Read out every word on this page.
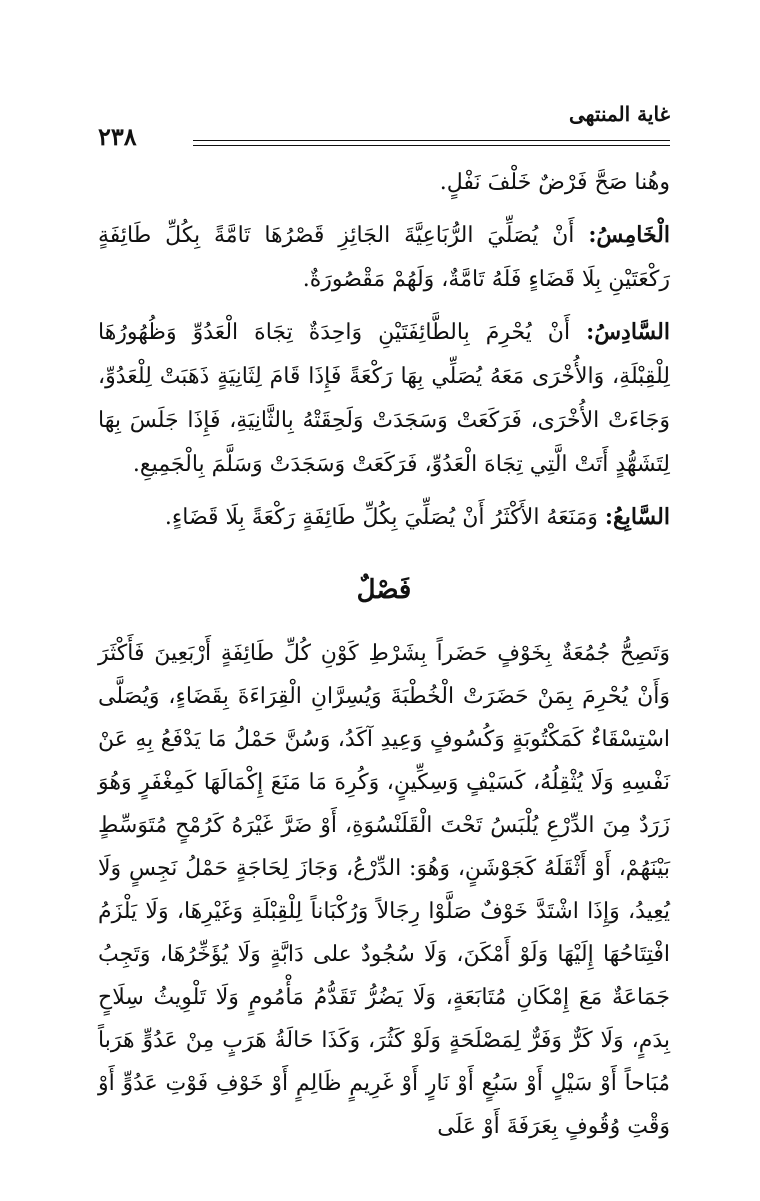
غاية المنتهى
٢٣٨

وهُنا صَحَّ فَرْضٌ خَلْفَ نَفْلٍ.

الْخَامِسُ: أَنْ يُصَلِّيَ الرُّبَاعِيَّةَ الجَائِزِ قَصْرُهَا تَامَّةً بِكُلِّ طَائِفَةٍ رَكْعَتَيْنِ بِلَا قَضَاءٍ فَلَهُ تَامَّةٌ، وَلَهُمْ مَقْصُورَةٌ.

السَّادِسُ: أَنْ يُحْرِمَ بِالطَّائِفَتَيْنِ وَاحِدَةٌ تِجَاهَ الْعَدُوِّ وَظُهُورُهَا لِلْقِبْلَةِ، وَالأُخْرَى مَعَهُ يُصَلِّي بِهَا رَكْعَةً فَإِذَا قَامَ لِثَانِيَةٍ ذَهَبَتْ لِلْعَدُوِّ، وَجَاءَتْ الأُخْرَى، فَرَكَعَتْ وَسَجَدَتْ وَلَحِقَتْهُ بِالثَّانِيَةِ، فَإِذَا جَلَسَ بِهَا لِتَشَهُّدٍ أَتَتْ الَّتِي تِجَاهَ الْعَدُوِّ، فَرَكَعَتْ وَسَجَدَتْ وَسَلَّمَ بِالْجَمِيعِ.

السَّابِعُ: وَمَنَعَهُ الأَكْثَرُ أَنْ يُصَلِّيَ بِكُلِّ طَائِفَةٍ رَكْعَةً بِلَا قَضَاءٍ.

فَصْلٌ

وَتَصِحُّ جُمُعَةٌ بِخَوْفٍ حَضَراً بِشَرْطِ كَوْنِ كُلِّ طَائِفَةٍ أَرْبَعِينَ فَأَكْثَرَ وَأَنْ يُحْرِمَ بِمَنْ حَضَرَتْ الْخُطْبَةَ وَيُسِرَّانِ الْقِرَاءَةَ بِقَضَاءٍ، وَيُصَلَّى اسْتِسْقَاءٌ كَمَكْتُوبَةٍ وَكُسُوفٍ وَعِيدِ آكَدُ، وَسُنَّ حَمْلُ مَا يَدْفَعُ بِهِ عَنْ نَفْسِهِ وَلَا يُثْقِلُهُ، كَسَيْفٍ وَسِكِّينٍ، وَكُرِهَ مَا مَنَعَ إِكْمَالَهَا كَمِغْفَرٍ وَهُوَ زَرَدٌ مِنَ الدِّرْعِ يُلْبَسُ تَحْتَ الْقَلَنْسُوَةِ، أَوْ ضَرَّ غَيْرَهُ كَرُمْحٍ مُتَوَسِّطٍ بَيْنَهُمْ، أَوْ أَثْقَلَهُ كَجَوْشَنٍ، وَهُوَ: الدِّرْعُ، وَجَازَ لِحَاجَةٍ حَمْلُ نَجِسٍ وَلَا يُعِيدُ، وَإِذَا اشْتَدَّ خَوْفٌ صَلَّوْا رِجَالاً وَرُكْبَاناً لِلْقِبْلَةِ وَغَيْرِهَا، وَلَا يَلْزَمُ افْتِتَاحُهَا إِلَيْهَا وَلَوْ أَمْكَنَ، وَلَا سُجُودٌ على دَابَّةٍ وَلَا يُؤَخِّرُهَا، وَتَجِبُ جَمَاعَةٌ مَعَ إِمْكَانِ مُتَابَعَةٍ، وَلَا يَضُرُّ تَقَدُّمُ مَأْمُومٍ وَلَا تَلْوِيثُ سِلَاحٍ بِدَمٍ، وَلَا كَرٌّ وَفَرٌّ لِمَصْلَحَةٍ وَلَوْ كَثُرَ، وَكَذَا حَالَةُ هَرَبٍ مِنْ عَدُوٍّ هَرَباً مُبَاحاً أَوْ سَيْلٍ أَوْ سَبُعٍ أَوْ نَارٍ أَوْ غَرِيمٍ ظَالِمٍ أَوْ خَوْفِ فَوْتِ عَدُوٍّ أَوْ وَقْتِ وُقُوفٍ بِعَرَفَةَ أَوْ عَلَى
